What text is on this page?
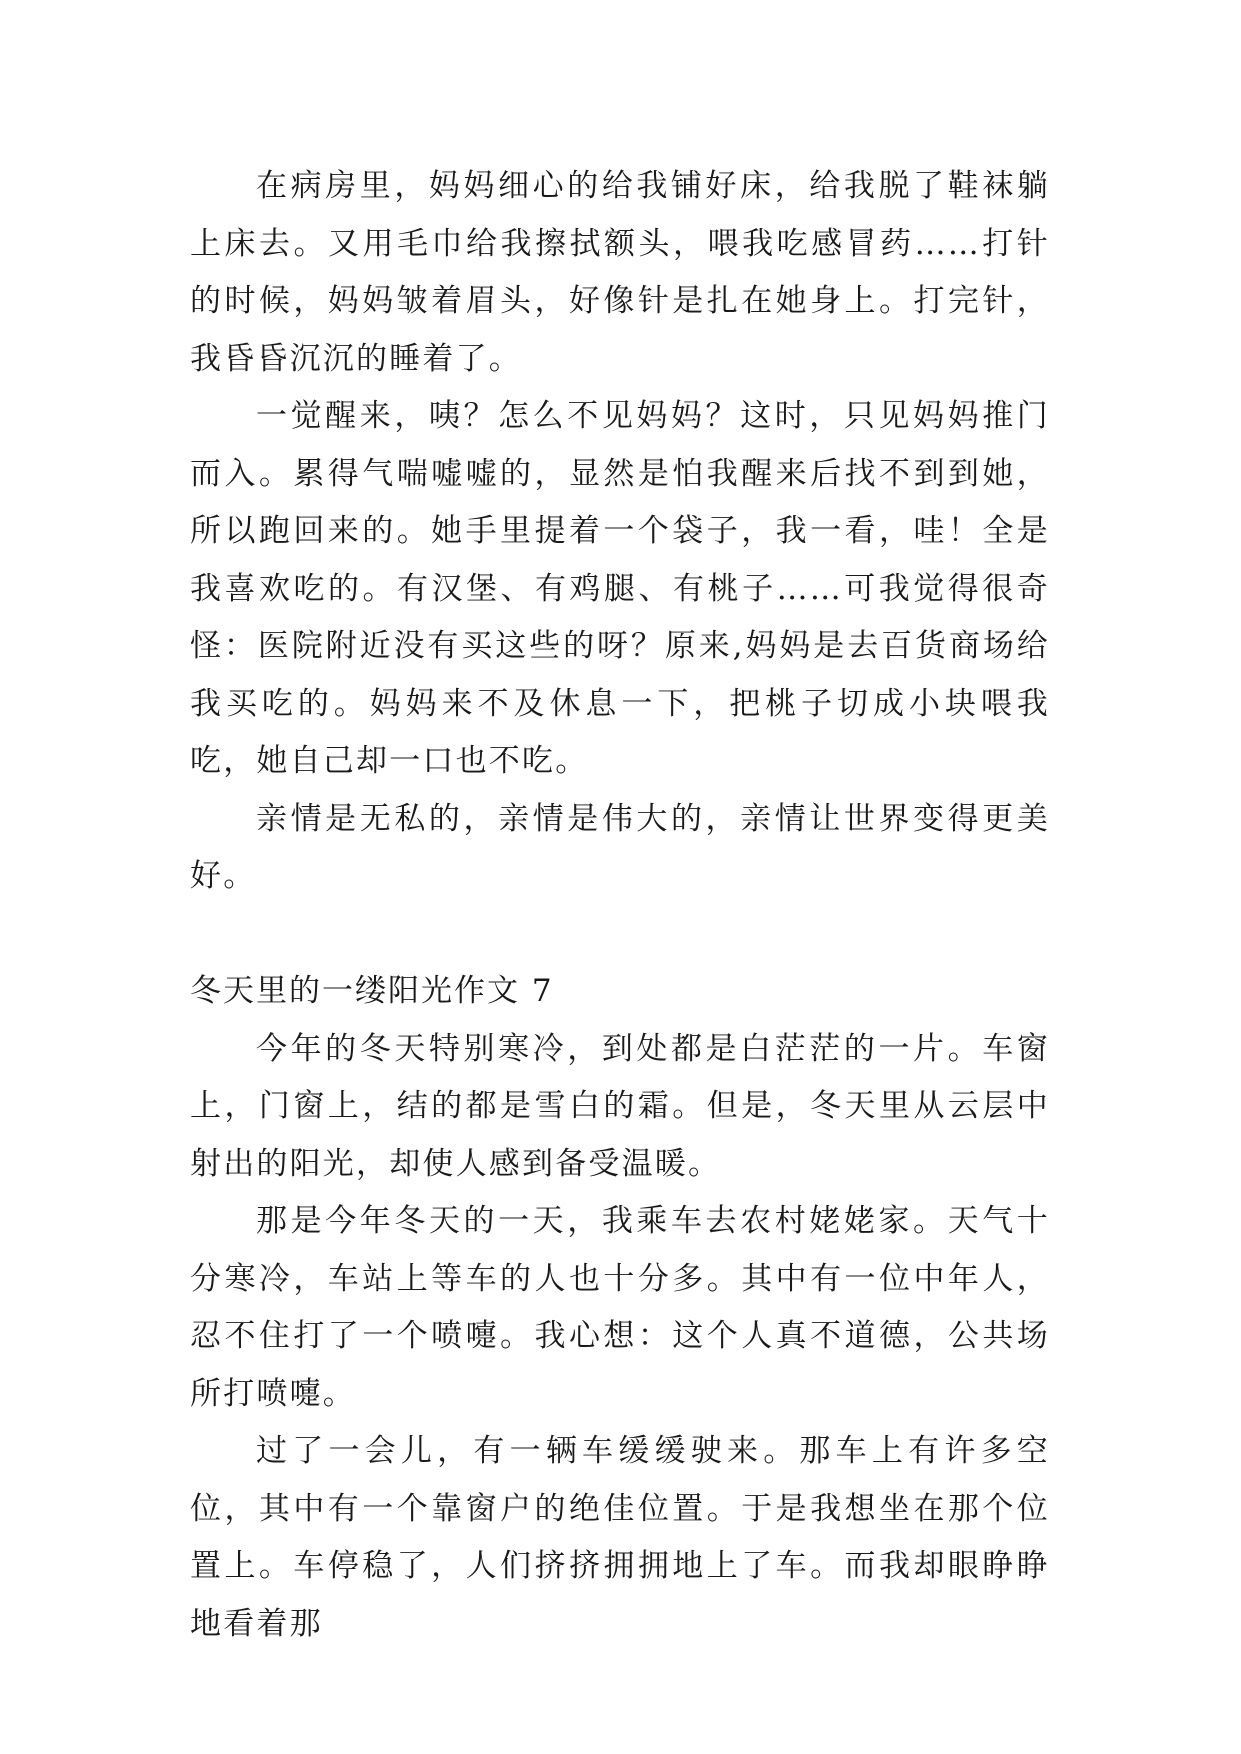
在病房里，妈妈细心的给我铺好床，给我脱了鞋袜躺上床去。又用毛巾给我擦拭额头，喂我吃感冒药……打针的时候，妈妈皱着眉头，好像针是扎在她身上。打完针，我昏昏沉沉的睡着了。

一觉醒来，咦？怎么不见妈妈？这时，只见妈妈推门而入。累得气喘嘘嘘的，显然是怕我醒来后找不到到她，所以跑回来的。她手里提着一个袋子，我一看，哇！全是我喜欢吃的。有汉堡、有鸡腿、有桃子……可我觉得很奇怪：医院附近没有买这些的呀？原来,妈妈是去百货商场给我买吃的。妈妈来不及休息一下，把桃子切成小块喂我吃，她自己却一口也不吃。

亲情是无私的，亲情是伟大的，亲情让世界变得更美好。

冬天里的一缕阳光作文 7

今年的冬天特别寒冷，到处都是白茫茫的一片。车窗上，门窗上，结的都是雪白的霜。但是，冬天里从云层中射出的阳光，却使人感到备受温暖。

那是今年冬天的一天，我乘车去农村姥姥家。天气十分寒冷，车站上等车的人也十分多。其中有一位中年人，忍不住打了一个喷嚏。我心想：这个人真不道德，公共场所打喷嚏。

过了一会儿，有一辆车缓缓驶来。那车上有许多空位，其中有一个靠窗户的绝佳位置。于是我想坐在那个位置上。车停稳了，人们挤挤拥拥地上了车。而我却眼睁睁地看着那
